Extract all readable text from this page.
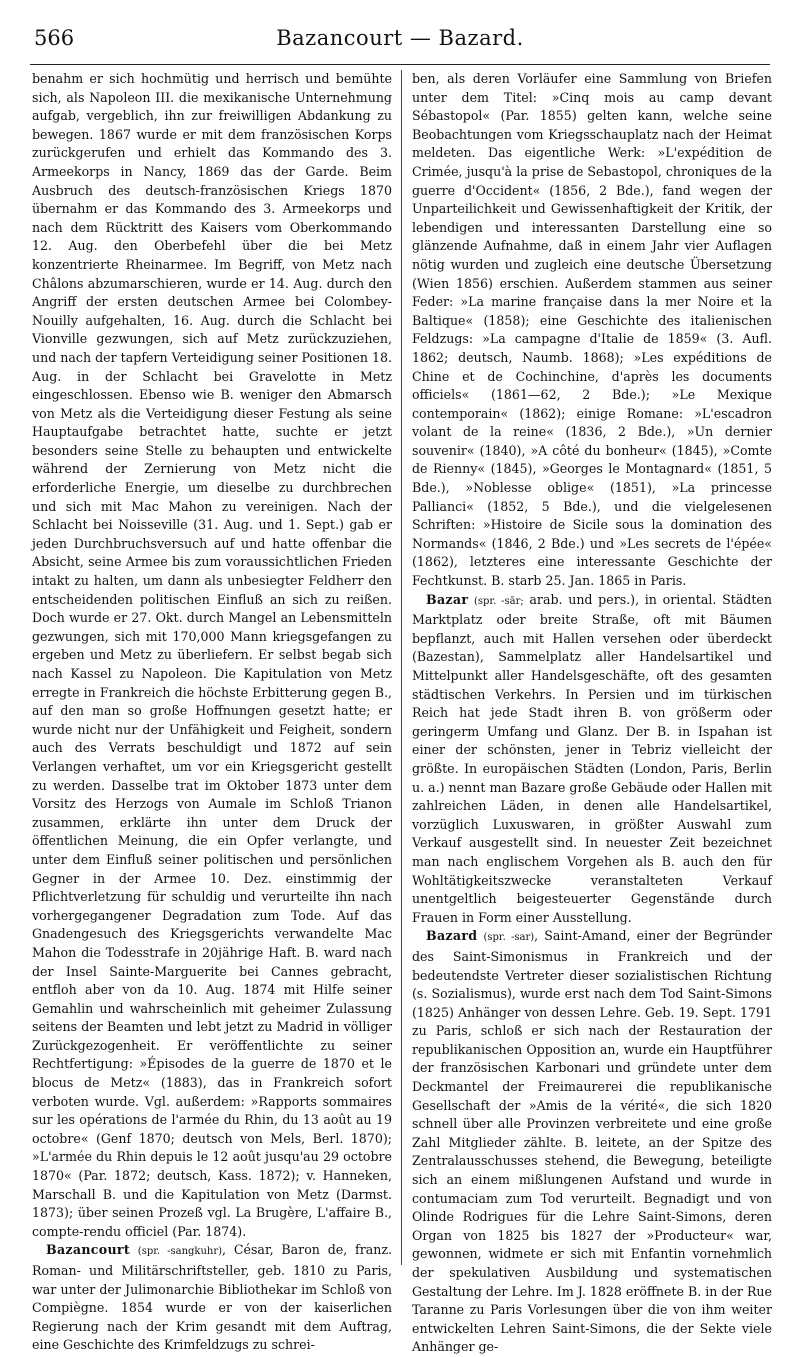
566	Bazancourt — Bazard.

benahm er sich hochmütig und herrisch und bemühte sich, als Napoleon III. die mexikanische Unternehmung aufgab, vergeblich, ihn zur freiwilligen Abdankung zu bewegen. 1867 wurde er mit dem französischen Korps zurückgerufen und erhielt das Kommando des 3. Armeekorps in Nancy, 1869 das der Garde. Beim Ausbruch des deutsch-französischen Kriegs 1870 übernahm er das Kommando des 3. Armeekorps und nach dem Rücktritt des Kaisers vom Oberkommando 12. Aug. den Oberbefehl über die bei Metz konzentrierte Rheinarmee. Im Begriff, von Metz nach Châlons abzumarschieren, wurde er 14. Aug. durch den Angriff der ersten deutschen Armee bei Colombey-Nouilly aufgehalten, 16. Aug. durch die Schlacht bei Vionville gezwungen, sich auf Metz zurückzuziehen, und nach der tapfern Verteidigung seiner Positionen 18. Aug. in der Schlacht bei Gravelotte in Metz eingeschlossen. Ebenso wie B. weniger den Abmarsch von Metz als die Verteidigung dieser Festung als seine Hauptaufgabe betrachtet hatte, suchte er jetzt besonders seine Stelle zu behaupten und entwickelte während der Zernierung von Metz nicht die erforderliche Energie, um dieselbe zu durchbrechen und sich mit Mac Mahon zu vereinigen. Nach der Schlacht bei Noisseville (31. Aug. und 1. Sept.) gab er jeden Durchbruchsversuch auf und hatte offenbar die Absicht, seine Armee bis zum voraussichtlichen Frieden intakt zu halten, um dann als unbesiegter Feldherr den entscheidenden politischen Einfluß an sich zu reißen. Doch wurde er 27. Okt. durch Mangel an Lebensmitteln gezwungen, sich mit 170,000 Mann kriegsgefangen zu ergeben und Metz zu überliefern. Er selbst begab sich nach Kassel zu Napoleon. Die Kapitulation von Metz erregte in Frankreich die höchste Erbitterung gegen B., auf den man so große Hoffnungen gesetzt hatte; er wurde nicht nur der Unfähigkeit und Feigheit, sondern auch des Verrats beschuldigt und 1872 auf sein Verlangen verhaftet, um vor ein Kriegsgericht gestellt zu werden. Dasselbe trat im Oktober 1873 unter dem Vorsitz des Herzogs von Aumale im Schloß Trianon zusammen, erklärte ihn unter dem Druck der öffentlichen Meinung, die ein Opfer verlangte, und unter dem Einfluß seiner politischen und persönlichen Gegner in der Armee 10. Dez. einstimmig der Pflichtverletzung für schuldig und verurteilte ihn nach vorhergegangener Degradation zum Tode. Auf das Gnadengesuch des Kriegsgerichts verwandelte Mac Mahon die Todesstrafe in 20jährige Haft. B. ward nach der Insel Sainte-Marguerite bei Cannes gebracht, entfloh aber von da 10. Aug. 1874 mit Hilfe seiner Gemahlin und wahrscheinlich mit geheimer Zulassung seitens der Beamten und lebt jetzt zu Madrid in völliger Zurückgezogenheit. Er veröffentlichte zu seiner Rechtfertigung: »Épisodes de la guerre de 1870 et le blocus de Metz« (1883), das in Frankreich sofort verboten wurde. Vgl. außerdem: »Rapports sommaires sur les opérations de l'armée du Rhin, du 13 août au 19 octobre« (Genf 1870; deutsch von Mels, Berl. 1870); »L'armée du Rhin depuis le 12 août jusqu'au 29 octobre 1870« (Par. 1872; deutsch, Kass. 1872); v. Hanneken, Marschall B. und die Kapitulation von Metz (Darmst. 1873); über seinen Prozeß vgl. La Brugère, L'affaire B., compte-rendu officiel (Par. 1874).

Bazancourt (spr. -sangkuhr), César, Baron de, franz. Roman- und Militärschriftsteller, geb. 1810 zu Paris, war unter der Julimonarchie Bibliothekar im Schloß von Compiègne. 1854 wurde er von der kaiserlichen Regierung nach der Krim gesandt mit dem Auftrag, eine Geschichte des Krimfeldzugs zu schrei-

ben, als deren Vorläufer eine Sammlung von Briefen unter dem Titel: »Cinq mois au camp devant Sébastopol« (Par. 1855) gelten kann, welche seine Beobachtungen vom Kriegsschauplatz nach der Heimat meldeten. Das eigentliche Werk: »L'expédition de Crimée, jusqu'à la prise de Sebastopol, chroniques de la guerre d'Occident« (1856, 2 Bde.), fand wegen der Unparteilichkeit und Gewissenhaftigkeit der Kritik, der lebendigen und interessanten Darstellung eine so glänzende Aufnahme, daß in einem Jahr vier Auflagen nötig wurden und zugleich eine deutsche Übersetzung (Wien 1856) erschien. Außerdem stammen aus seiner Feder: »La marine française dans la mer Noire et la Baltique« (1858); eine Geschichte des italienischen Feldzugs: »La campagne d'Italie de 1859« (3. Aufl. 1862; deutsch, Naumb. 1868); »Les expéditions de Chine et de Cochinchine, d'après les documents officiels« (1861—62, 2 Bde.); »Le Mexique contemporain« (1862); einige Romane: »L'escadron volant de la reine« (1836, 2 Bde.), »Un dernier souvenir« (1840), »A côté du bonheur« (1845), »Comte de Rienny« (1845), »Georges le Montagnard« (1851, 5 Bde.), »Noblesse oblige« (1851), »La princesse Pallianci« (1852, 5 Bde.), und die vielgelesenen Schriften: »Histoire de Sicile sous la domination des Normands« (1846, 2 Bde.) und »Les secrets de l'épée« (1862), letzteres eine interessante Geschichte der Fechtkunst. B. starb 25. Jan. 1865 in Paris.

Bazar (spr. -sār; arab. und pers.), in oriental. Städten Marktplatz oder breite Straße, oft mit Bäumen bepflanzt, auch mit Hallen versehen oder überdeckt (Bazestan), Sammelplatz aller Handelsartikel und Mittelpunkt aller Handelsgeschäfte, oft des gesamten städtischen Verkehrs. In Persien und im türkischen Reich hat jede Stadt ihren B. von größerm oder geringerm Umfang und Glanz. Der B. in Ispahan ist einer der schönsten, jener in Tebriz vielleicht der größte. In europäischen Städten (London, Paris, Berlin u. a.) nennt man Bazare große Gebäude oder Hallen mit zahlreichen Läden, in denen alle Handelsartikel, vorzüglich Luxuswaren, in größter Auswahl zum Verkauf ausgestellt sind. In neuester Zeit bezeichnet man nach englischem Vorgehen als B. auch den für Wohltätigkeitszwecke veranstalteten Verkauf unentgeltlich beigesteuerter Gegenstände durch Frauen in Form einer Ausstellung.

Bazard (spr. -sar), Saint-Amand, einer der Begründer des Saint-Simonismus in Frankreich und der bedeutendste Vertreter dieser sozialistischen Richtung (s. Sozialismus), wurde erst nach dem Tod Saint-Simons (1825) Anhänger von dessen Lehre. Geb. 19. Sept. 1791 zu Paris, schloß er sich nach der Restauration der republikanischen Opposition an, wurde ein Hauptführer der französischen Karbonari und gründete unter dem Deckmantel der Freimaurerei die republikanische Gesellschaft der »Amis de la vérité«, die sich 1820 schnell über alle Provinzen verbreitete und eine große Zahl Mitglieder zählte. B. leitete, an der Spitze des Zentralausschusses stehend, die Bewegung, beteiligte sich an einem mißlungenen Aufstand und wurde in contumaciam zum Tod verurteilt. Begnadigt und von Olinde Rodrigues für die Lehre Saint-Simons, deren Organ von 1825 bis 1827 der »Producteur« war, gewonnen, widmete er sich mit Enfantin vornehmlich der spekulativen Ausbildung und systematischen Gestaltung der Lehre. Im J. 1828 eröffnete B. in der Rue Taranne zu Paris Vorlesungen über die von ihm weiter entwickelten Lehren Saint-Simons, die der Sekte viele Anhänger ge-
